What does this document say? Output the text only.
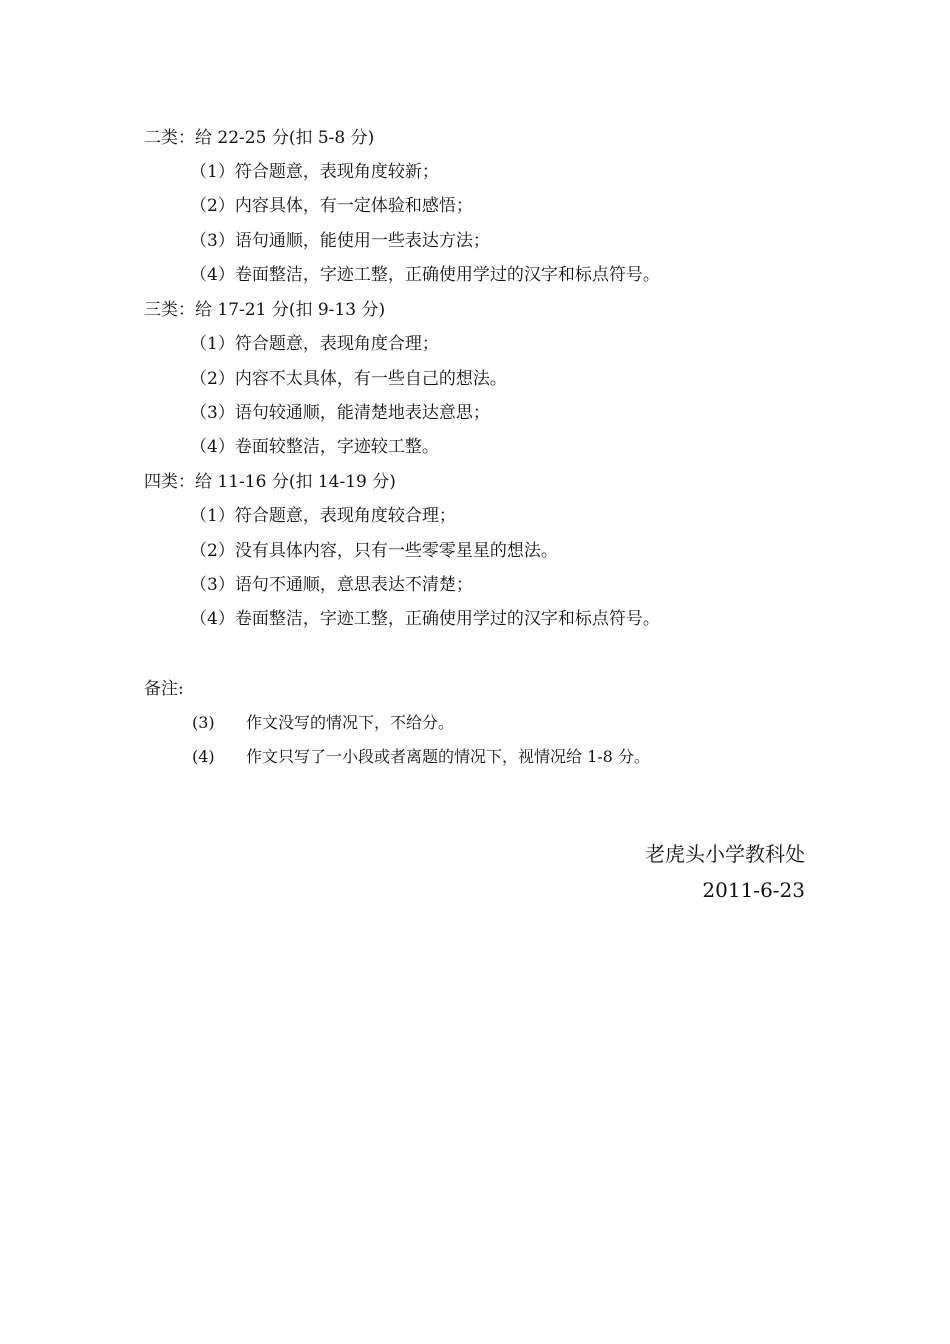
二类：给 22-25 分(扣 5-8 分)
（1）符合题意，表现角度较新；
（2）内容具体，有一定体验和感悟；
（3）语句通顺，能使用一些表达方法；
（4）卷面整洁，字迹工整，正确使用学过的汉字和标点符号。
三类：给 17-21 分(扣 9-13 分)
（1）符合题意，表现角度合理；
（2）内容不太具体，有一些自己的想法。
（3）语句较通顺，能清楚地表达意思；
（4）卷面较整洁，字迹较工整。
四类：给 11-16 分(扣 14-19 分)
（1）符合题意，表现角度较合理；
（2）没有具体内容，只有一些零零星星的想法。
（3）语句不通顺，意思表达不清楚；
（4）卷面整洁，字迹工整，正确使用学过的汉字和标点符号。
备注:
(3) 作文没写的情况下，不给分。
(4) 作文只写了一小段或者离题的情况下，视情况给 1-8 分。
老虎头小学教科处
2011-6-23
